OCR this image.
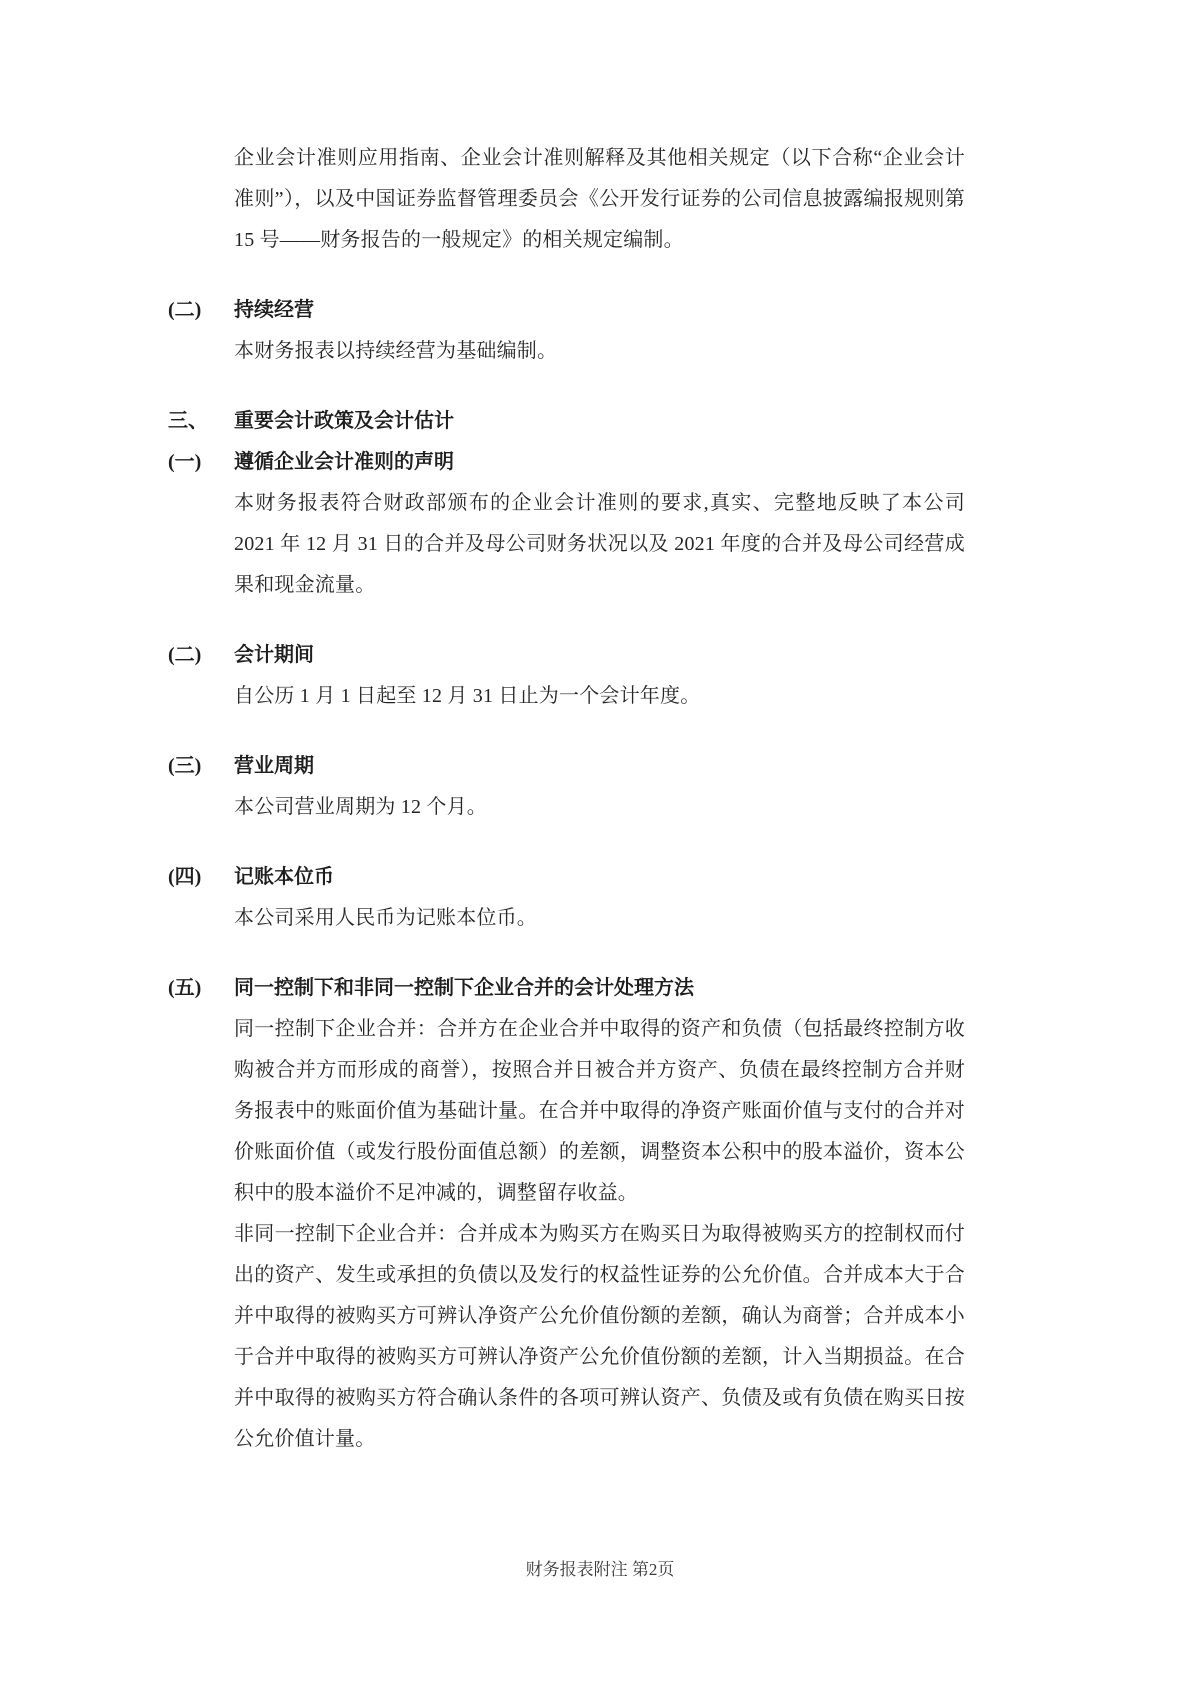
企业会计准则应用指南、企业会计准则解释及其他相关规定（以下合称“企业会计准则”），以及中国证券监督管理委员会《公开发行证券的公司信息披露编报规则第 15 号——财务报告的一般规定》的相关规定编制。

(二)	持续经营

本财务报表以持续经营为基础编制。

三、	重要会计政策及会计估计
(一)	遵循企业会计准则的声明

本财务报表符合财政部颁布的企业会计准则的要求,真实、完整地反映了本公司 2021 年 12 月 31 日的合并及母公司财务状况以及 2021 年度的合并及母公司经营成果和现金流量。

(二)	会计期间

自公历 1 月 1 日起至 12 月 31 日止为一个会计年度。

(三)	营业周期

本公司营业周期为 12 个月。

(四)	记账本位币

本公司采用人民币为记账本位币。

(五)	同一控制下和非同一控制下企业合并的会计处理方法

同一控制下企业合并：合并方在企业合并中取得的资产和负债（包括最终控制方收购被合并方而形成的商誉），按照合并日被合并方资产、负债在最终控制方合并财务报表中的账面价值为基础计量。在合并中取得的净资产账面价值与支付的合并对价账面价值（或发行股份面值总额）的差额，调整资本公积中的股本溢价，资本公积中的股本溢价不足冲减的，调整留存收益。

非同一控制下企业合并：合并成本为购买方在购买日为取得被购买方的控制权而付出的资产、发生或承担的负债以及发行的权益性证券的公允价值。合并成本大于合并中取得的被购买方可辨认净资产公允价值份额的差额，确认为商誉；合并成本小于合并中取得的被购买方可辨认净资产公允价值份额的差额，计入当期损益。在合并中取得的被购买方符合确认条件的各项可辨认资产、负债及或有负债在购买日按公允价值计量。

财务报表附注 第2页
